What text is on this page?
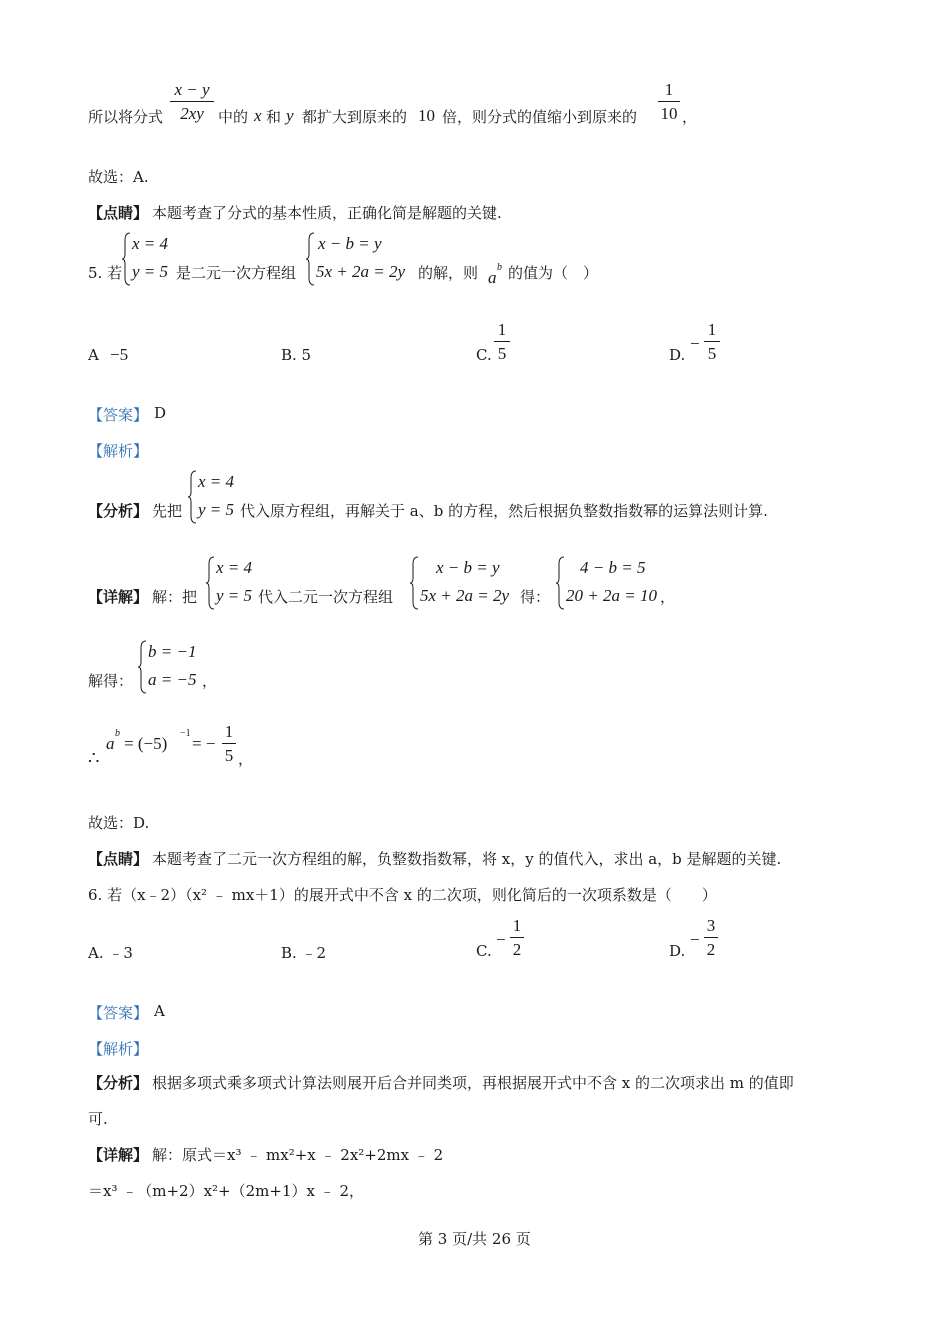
所以将分式
x − y
2xy 中的 x 和 y 都扩大到原来的 10 倍，则分式的值缩小到原来的
1
10 ，
故选：A.
【点睛】 本题考查了分式的基本性质，正确化简是解题的关键.
5. 若
x = 4
y = 5 是二元一次方程组
x − b = y
5x + 2a = 2y 的解，则 a
b 的值为（　）
A −5	B. 5	C.
1
5	D.
−
1
5
【答案】 D
【解析】
【分析】 先把
x = 4
y = 5 代入原方程组，再解关于 a、b 的方程，然后根据负整数指数幂的运算法则计算.
【详解】 解：把
x = 4
y = 5 代入二元一次方程组
x − b = y
5x + 2a = 2y 得：
4 − b = 5
20 + 2a = 10 ，
解得：
b = −1
a = −5 ，
∴
a
b
= (−5)
−1
= −
1
5 ，
故选：D.
【点睛】 本题考查了二元一次方程组的解，负整数指数幂，将 x，y 的值代入，求出 a，b 是解题的关键.
6. 若（x﹣2）（x² ﹣ mx＋1）的展开式中不含 x 的二次项，则化简后的一次项系数是（　　）
A. ﹣3	B. ﹣2	C.
−
1
2	D.
−
3
2
【答案】 A
【解析】
【分析】 根据多项式乘多项式计算法则展开后合并同类项，再根据展开式中不含 x 的二次项求出 m 的值即
可.
【详解】 解：原式＝x³ ﹣ mx²+x ﹣ 2x²+2mx ﹣ 2
＝x³ ﹣（m+2）x²+（2m+1）x ﹣ 2，
第 3 页/共 26 页
